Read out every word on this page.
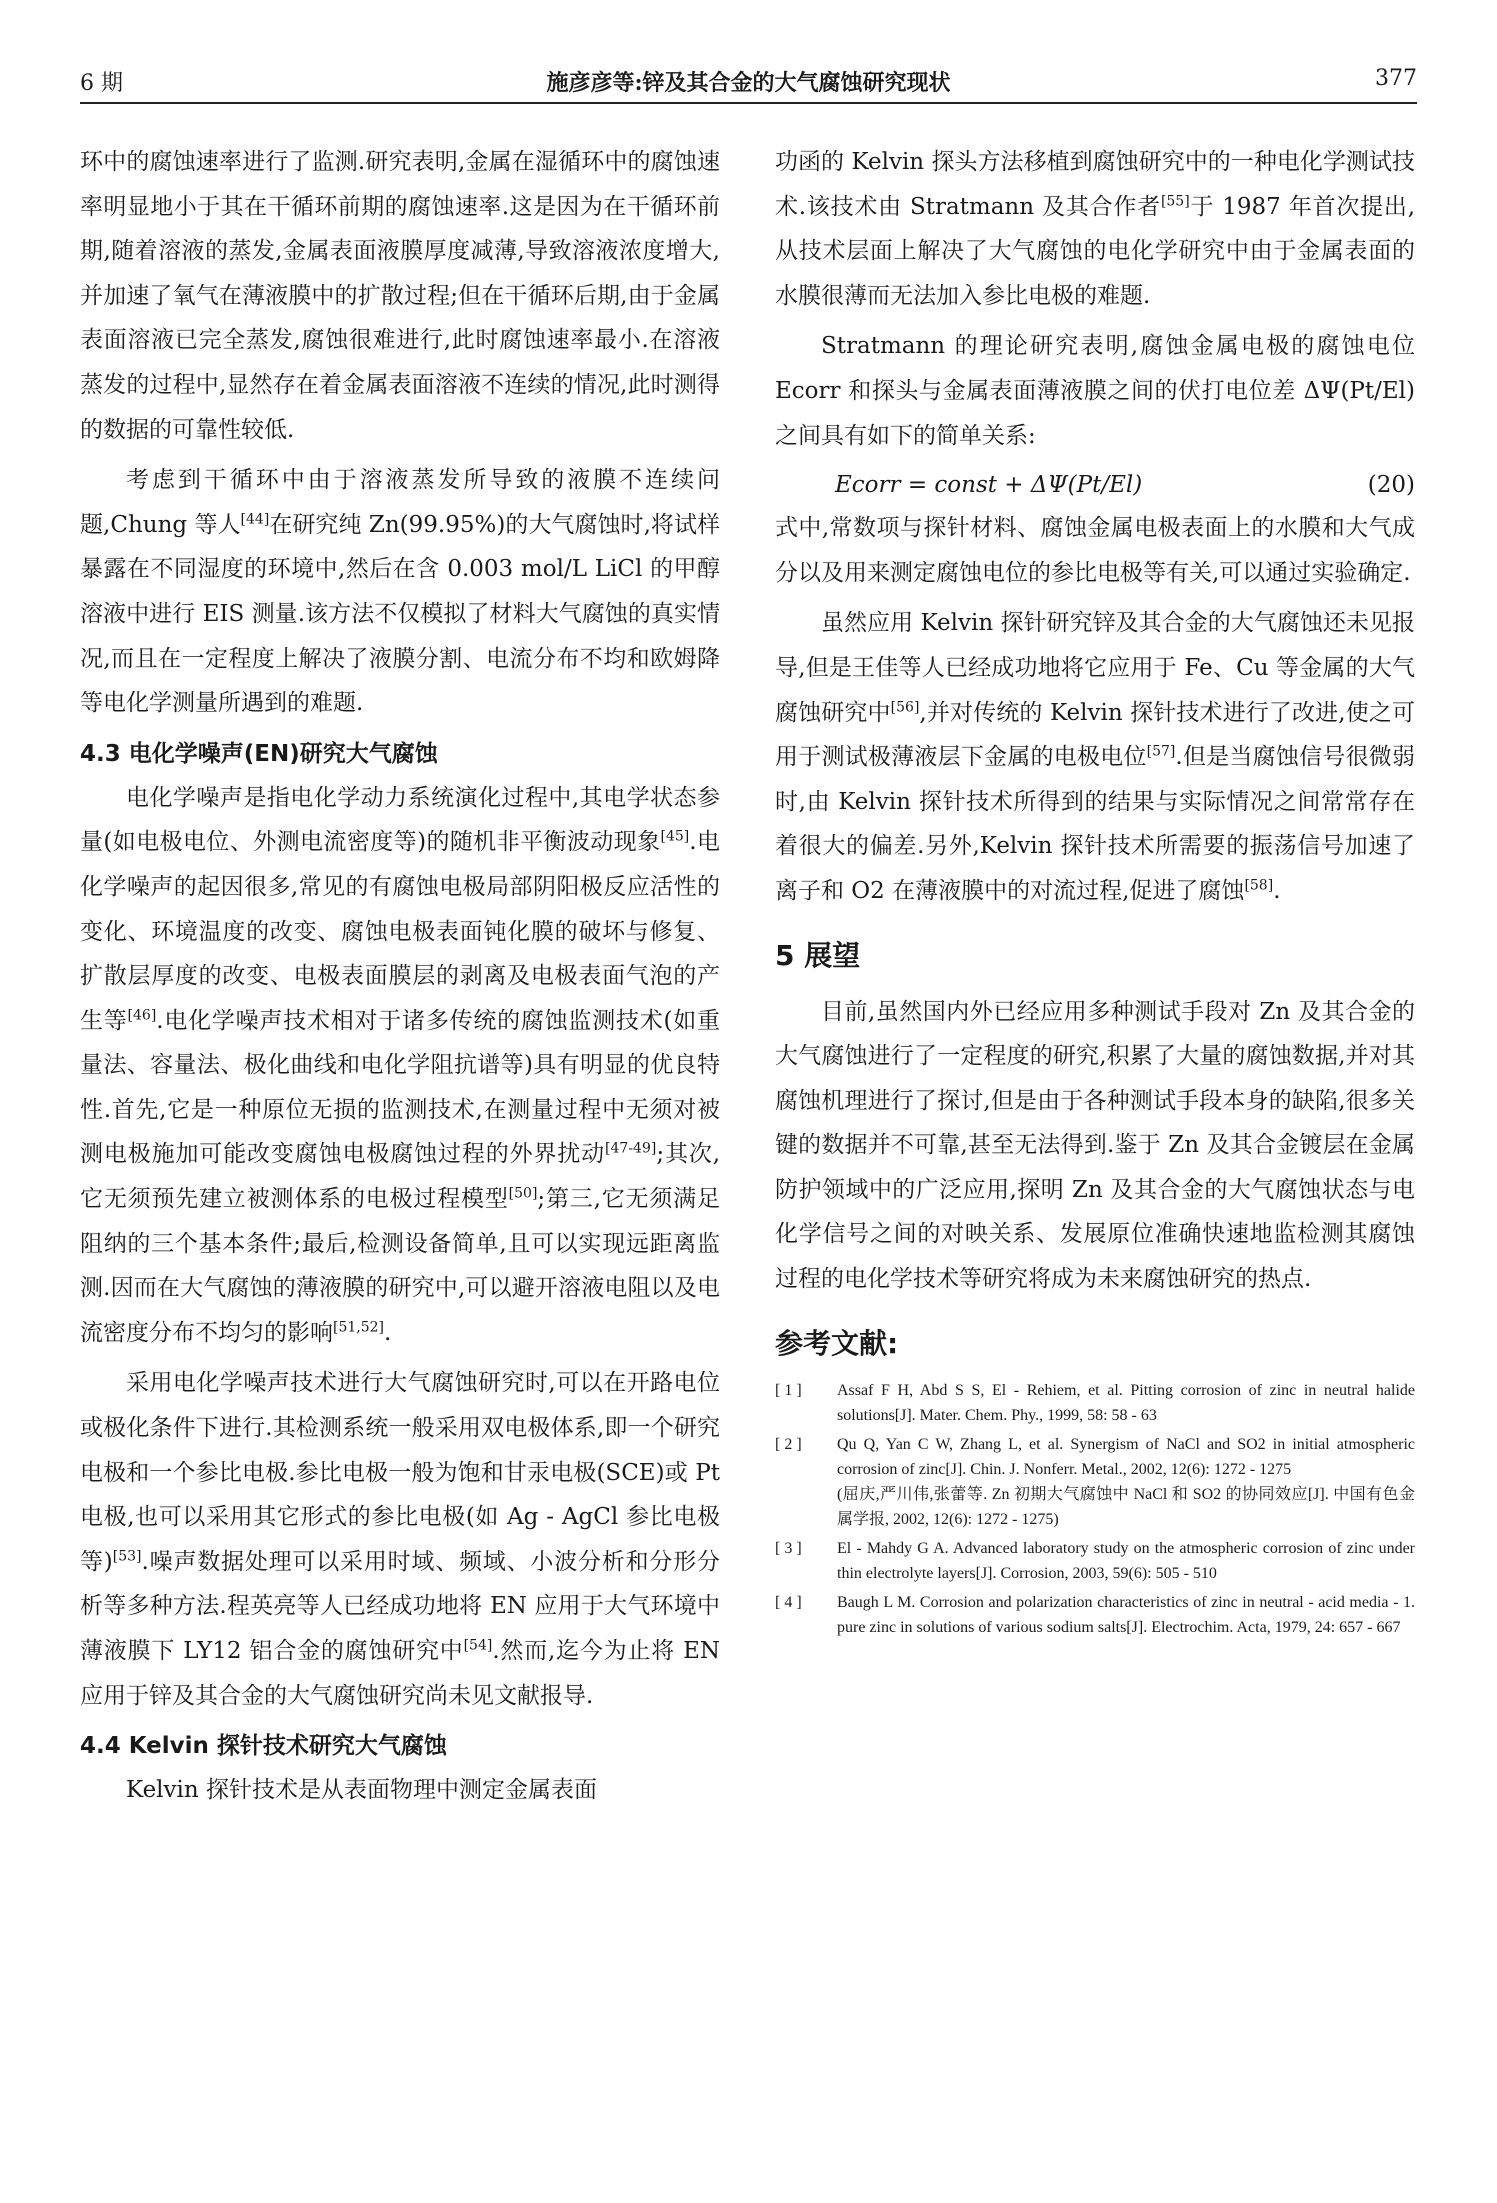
6 期	施彦彦等:锌及其合金的大气腐蚀研究现状	377

环中的腐蚀速率进行了监测.研究表明,金属在湿循环中的腐蚀速率明显地小于其在干循环前期的腐蚀速率.这是因为在干循环前期,随着溶液的蒸发,金属表面液膜厚度减薄,导致溶液浓度增大,并加速了氧气在薄液膜中的扩散过程;但在干循环后期,由于金属表面溶液已完全蒸发,腐蚀很难进行,此时腐蚀速率最小.在溶液蒸发的过程中,显然存在着金属表面溶液不连续的情况,此时测得的数据的可靠性较低.

考虑到干循环中由于溶液蒸发所导致的液膜不连续问题,Chung 等人[44]在研究纯 Zn(99.95%)的大气腐蚀时,将试样暴露在不同湿度的环境中,然后在含 0.003 mol/L LiCl 的甲醇溶液中进行 EIS 测量.该方法不仅模拟了材料大气腐蚀的真实情况,而且在一定程度上解决了液膜分割、电流分布不均和欧姆降等电化学测量所遇到的难题.

4.3 电化学噪声(EN)研究大气腐蚀

电化学噪声是指电化学动力系统演化过程中,其电学状态参量(如电极电位、外测电流密度等)的随机非平衡波动现象[45].电化学噪声的起因很多,常见的有腐蚀电极局部阴阳极反应活性的变化、环境温度的改变、腐蚀电极表面钝化膜的破坏与修复、扩散层厚度的改变、电极表面膜层的剥离及电极表面气泡的产生等[46].电化学噪声技术相对于诸多传统的腐蚀监测技术(如重量法、容量法、极化曲线和电化学阻抗谱等)具有明显的优良特性.首先,它是一种原位无损的监测技术,在测量过程中无须对被测电极施加可能改变腐蚀电极腐蚀过程的外界扰动[47-49];其次,它无须预先建立被测体系的电极过程模型[50];第三,它无须满足阻纳的三个基本条件;最后,检测设备简单,且可以实现远距离监测.因而在大气腐蚀的薄液膜的研究中,可以避开溶液电阻以及电流密度分布不均匀的影响[51,52].

采用电化学噪声技术进行大气腐蚀研究时,可以在开路电位或极化条件下进行.其检测系统一般采用双电极体系,即一个研究电极和一个参比电极.参比电极一般为饱和甘汞电极(SCE)或 Pt 电极,也可以采用其它形式的参比电极(如 Ag - AgCl 参比电极等)[53].噪声数据处理可以采用时域、频域、小波分析和分形分析等多种方法.程英亮等人已经成功地将 EN 应用于大气环境中薄液膜下 LY12 铝合金的腐蚀研究中[54].然而,迄今为止将 EN 应用于锌及其合金的大气腐蚀研究尚未见文献报导.

4.4 Kelvin 探针技术研究大气腐蚀

Kelvin 探针技术是从表面物理中测定金属表面

功函的 Kelvin 探头方法移植到腐蚀研究中的一种电化学测试技术.该技术由 Stratmann 及其合作者[55]于 1987 年首次提出,从技术层面上解决了大气腐蚀的电化学研究中由于金属表面的水膜很薄而无法加入参比电极的难题.

Stratmann 的理论研究表明,腐蚀金属电极的腐蚀电位 Ecorr 和探头与金属表面薄液膜之间的伏打电位差 ΔΨ(Pt/El) 之间具有如下的简单关系:

Ecorr = const + ΔΨ(Pt/El)	(20)

式中,常数项与探针材料、腐蚀金属电极表面上的水膜和大气成分以及用来测定腐蚀电位的参比电极等有关,可以通过实验确定.

虽然应用 Kelvin 探针研究锌及其合金的大气腐蚀还未见报导,但是王佳等人已经成功地将它应用于 Fe、Cu 等金属的大气腐蚀研究中[56],并对传统的 Kelvin 探针技术进行了改进,使之可用于测试极薄液层下金属的电极电位[57].但是当腐蚀信号很微弱时,由 Kelvin 探针技术所得到的结果与实际情况之间常常存在着很大的偏差.另外,Kelvin 探针技术所需要的振荡信号加速了离子和 O2 在薄液膜中的对流过程,促进了腐蚀[58].

5 展望

目前,虽然国内外已经应用多种测试手段对 Zn 及其合金的大气腐蚀进行了一定程度的研究,积累了大量的腐蚀数据,并对其腐蚀机理进行了探讨,但是由于各种测试手段本身的缺陷,很多关键的数据并不可靠,甚至无法得到.鉴于 Zn 及其合金镀层在金属防护领域中的广泛应用,探明 Zn 及其合金的大气腐蚀状态与电化学信号之间的对映关系、发展原位准确快速地监检测其腐蚀过程的电化学技术等研究将成为未来腐蚀研究的热点.

参考文献:
[ 1 ] Assaf F H, Abd S S, El - Rehiem, et al. Pitting corrosion of zinc in neutral halide solutions[J]. Mater. Chem. Phy., 1999, 58: 58 - 63
[ 2 ] Qu Q, Yan C W, Zhang L, et al. Synergism of NaCl and SO2 in initial atmospheric corrosion of zinc[J]. Chin. J. Nonferr. Metal., 2002, 12(6): 1272 - 1275
(屈庆,严川伟,张蕾等. Zn 初期大气腐蚀中 NaCl 和 SO2 的协同效应[J]. 中国有色金属学报, 2002, 12(6): 1272 - 1275)
[ 3 ] El - Mahdy G A. Advanced laboratory study on the atmospheric corrosion of zinc under thin electrolyte layers[J]. Corrosion, 2003, 59(6): 505 - 510
[ 4 ] Baugh L M. Corrosion and polarization characteristics of zinc in neutral - acid media - 1. pure zinc in solutions of various sodium salts[J]. Electrochim. Acta, 1979, 24: 657 - 667
